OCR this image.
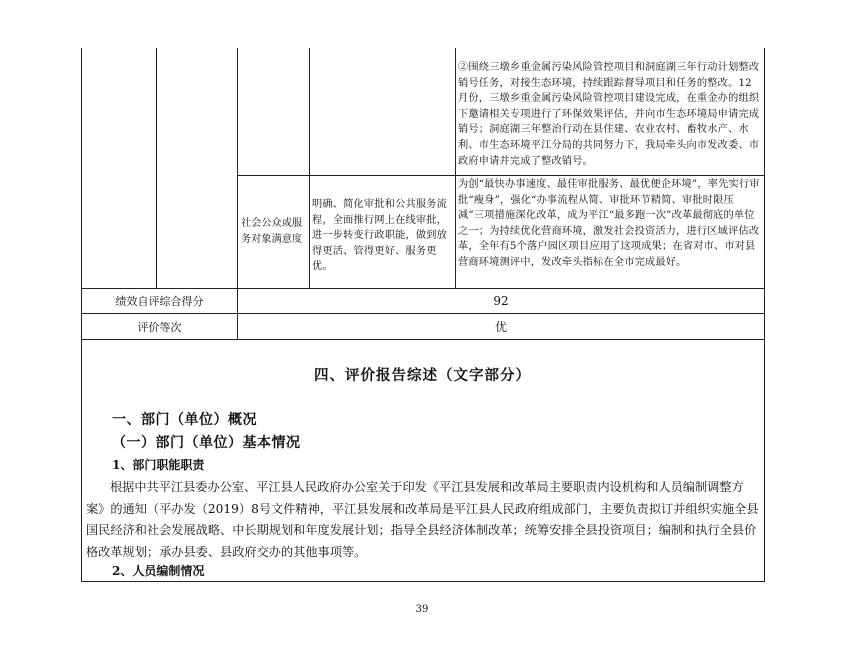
②围绕三墩乡重金属污染风险管控项目和洞庭湖三年行动计划整改销号任务，对接生态环境，持续跟踪督导项目和任务的整改。12月份，三墩乡重金属污染风险管控项目建设完成，在重金办的组织下邀请相关专项进行了环保效果评估，并向市生态环境局申请完成销号；洞庭湖三年整治行动在县住建、农业农村、畜牧水产、水利、市生态环境平江分局的共同努力下，我局牵头向市发改委、市政府申请并完成了整改销号。

社会公众或服务对象满意度
明确、简化审批和公共服务流程，全面推行网上在线审批，进一步转变行政职能，做到放得更活、管得更好、服务更优。
为创“最快办事速度、最佳审批服务、最优便企环境”，率先实行审批“瘦身”，强化“办事流程从简、审批环节精简、审批时限压减”三项措施深化改革，成为平江“最多跑一次”改革最彻底的单位之一；为持续优化营商环境，激发社会投资活力，进行区域评估改革，全年有5个落户园区项目应用了这项成果；在省对市、市对县营商环境测评中，发改牵头指标在全市完成最好。
绩效自评综合得分	92
评价等次	优
四、评价报告综述（文字部分）
一、部门（单位）概况
（一）部门（单位）基本情况
1、部门职能职责
根据中共平江县委办公室、平江县人民政府办公室关于印发《平江县发展和改革局主要职责内设机构和人员编制调整方案》的通知（平办发（2019）8号文件精神，平江县发展和改革局是平江县人民政府组成部门，主要负责拟订并组织实施全县国民经济和社会发展战略、中长期规划和年度发展计划；指导全县经济体制改革；统筹安排全县投资项目；编制和执行全县价格改革规划；承办县委、县政府交办的其他事项等。
2、人员编制情况
39
